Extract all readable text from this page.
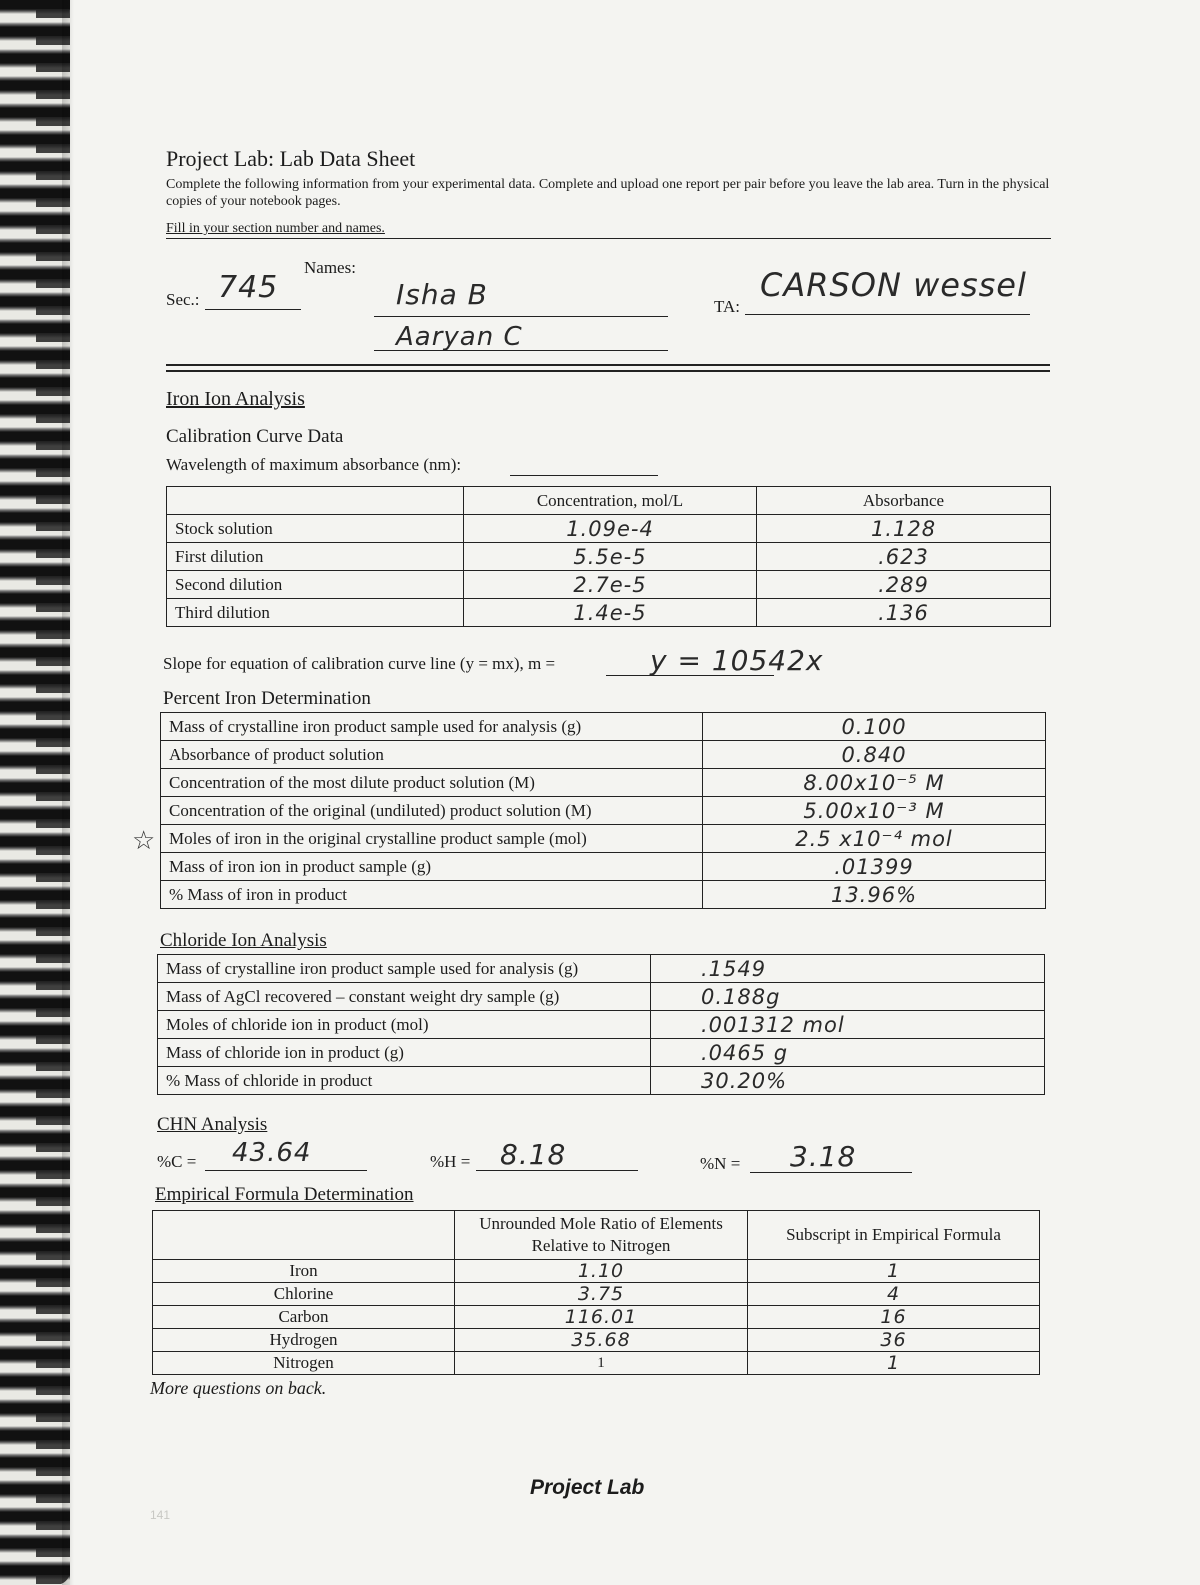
Project Lab: Lab Data Sheet
Complete the following information from your experimental data. Complete and upload one report per pair before you leave the lab area. Turn in the physical copies of your notebook pages.
Fill in your section number and names.
Names:
Sec.: 745	Isha B
Aaryan C
TA:
CARSON wessel
Iron Ion Analysis
Calibration Curve Data
Wavelength of maximum absorbance (nm):
	Concentration, mol/L	Absorbance
Stock solution	1.09e-4	1.128
First dilution	5.5e-5	.623
Second dilution	2.7e-5	.289
Third dilution	1.4e-5	.136
Slope for equation of calibration curve line (y = mx), m =	y = 10542x
Percent Iron Determination
☆
Mass of crystalline iron product sample used for analysis (g)	0.100
Absorbance of product solution	0.840
Concentration of the most dilute product solution (M)	8.00x10⁻⁵ M
Concentration of the original (undiluted) product solution (M)	5.00x10⁻³ M
Moles of iron in the original crystalline product sample (mol)	2.5 x10⁻⁴ mol
Mass of iron ion in product sample (g)	.01399
% Mass of iron in product	13.96%
Chloride Ion Analysis
Mass of crystalline iron product sample used for analysis (g)	.1549
Mass of AgCl recovered – constant weight dry sample (g)	0.188g
Moles of chloride ion in product (mol)	.001312 mol
Mass of chloride ion in product (g)	.0465 g
% Mass of chloride in product	30.20%
CHN Analysis
%C = 43.64	%H = 8.18	%N = 3.18
Empirical Formula Determination

	Unrounded Mole Ratio of Elements
Relative to Nitrogen	Subscript in Empirical Formula
Iron	1.10	1
Chlorine	3.75	4
Carbon	116.01	16
Hydrogen	35.68	36
Nitrogen	1	1
More questions on back.
Project Lab
141
